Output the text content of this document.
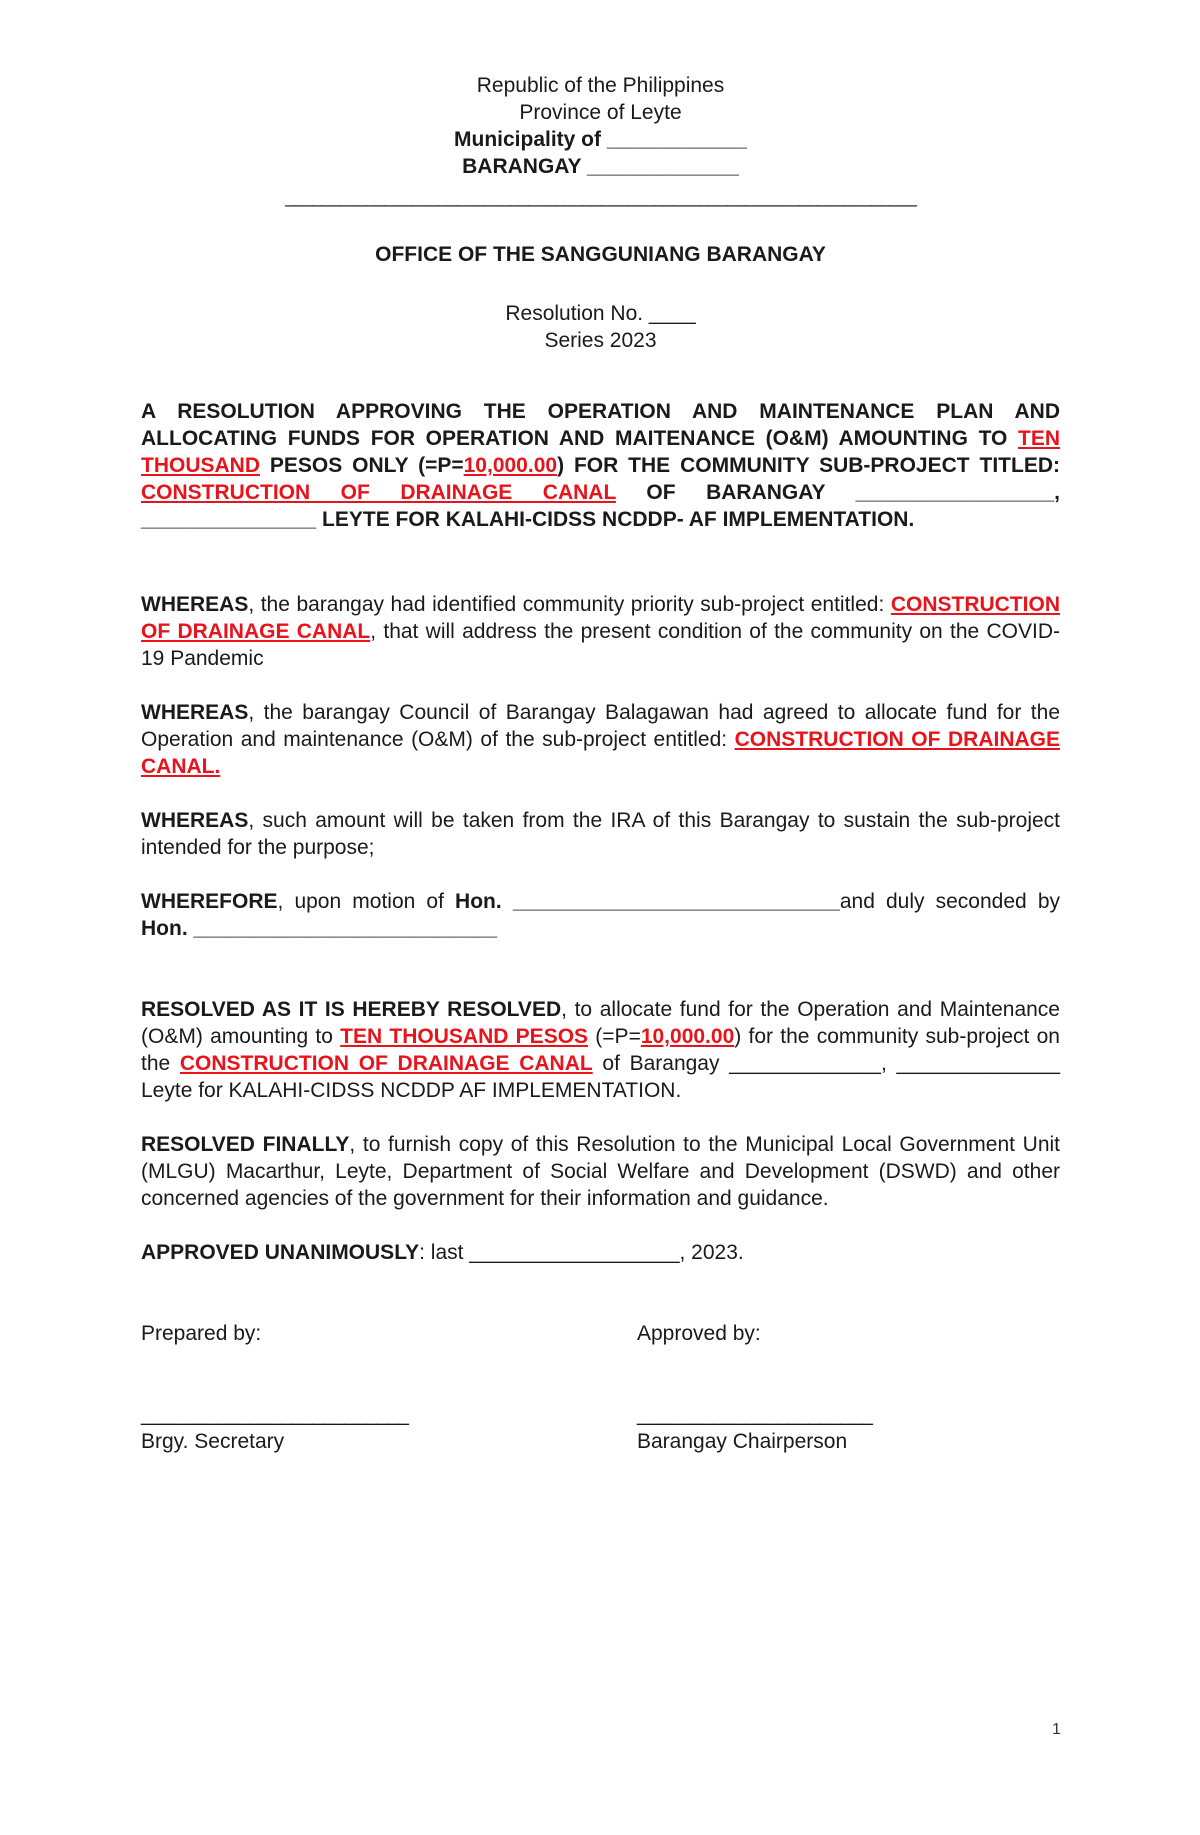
Republic of the Philippines

Province of Leyte

Municipality of ____________

BARANGAY _____________

______________________________________________________________________

OFFICE OF THE SANGGUNIANG BARANGAY

Resolution No. ____

Series 2023

A RESOLUTION APPROVING THE OPERATION AND MAINTENANCE PLAN AND ALLOCATING FUNDS FOR OPERATION AND MAITENANCE (O&M) AMOUNTING TO TEN THOUSAND PESOS ONLY (=P=10,000.00) FOR THE COMMUNITY SUB-PROJECT TITLED: CONSTRUCTION OF DRAINAGE CANAL OF BARANGAY _________________, _______________ LEYTE FOR KALAHI-CIDSS NCDDP- AF IMPLEMENTATION.

WHEREAS, the barangay had identified community priority sub-project entitled: CONSTRUCTION OF DRAINAGE CANAL, that will address the present condition of the community on the COVID-19 Pandemic

WHEREAS, the barangay Council of Barangay Balagawan had agreed to allocate fund for the Operation and maintenance (O&M) of the sub-project entitled: CONSTRUCTION OF DRAINAGE CANAL.

WHEREAS, such amount will be taken from the IRA of this Barangay to sustain the sub-project intended for the purpose;

WHEREFORE, upon motion of Hon. ____________________________and duly seconded by Hon. __________________________

RESOLVED AS IT IS HEREBY RESOLVED, to allocate fund for the Operation and Maintenance (O&M) amounting to TEN THOUSAND PESOS (=P=10,000.00) for the community sub-project on the CONSTRUCTION OF DRAINAGE CANAL of Barangay _____________, ______________ Leyte for KALAHI-CIDSS NCDDP AF IMPLEMENTATION.

RESOLVED FINALLY, to furnish copy of this Resolution to the Municipal Local Government Unit (MLGU) Macarthur, Leyte, Department of Social Welfare and Development (DSWD) and other concerned agencies of the government for their information and guidance.

APPROVED UNANIMOUSLY: last __________________, 2023.

Prepared by:

_________________________

Brgy. Secretary

Approved by:

______________________

Barangay Chairperson

1
